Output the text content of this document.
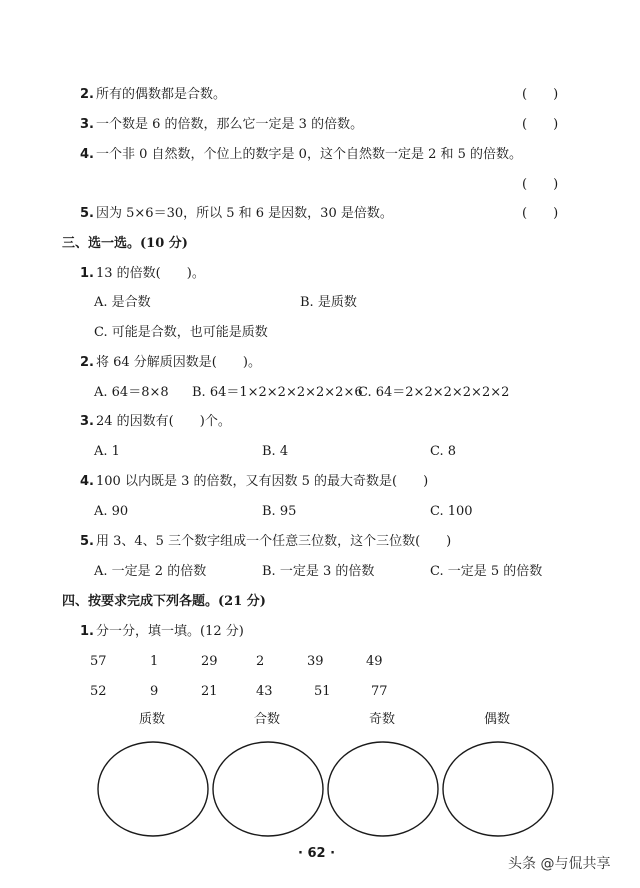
2. 所有的偶数都是合数。	(　　)
3. 一个数是 6 的倍数，那么它一定是 3 的倍数。	(　　)
4. 一个非 0 自然数，个位上的数字是 0，这个自然数一定是 2 和 5 的倍数。
(　　)
5. 因为 5×6＝30，所以 5 和 6 是因数，30 是倍数。	(　　)
三、选一选。(10 分)
1. 13 的倍数(　　)。
A. 是合数	B. 是质数
C. 可能是合数，也可能是质数
2. 将 64 分解质因数是(　　)。
A. 64＝8×8 B. 64＝1×2×2×2×2×2×6
C. 64＝2×2×2×2×2×2
3. 24 的因数有(　　)个。
A. 1	B. 4	C. 8
4. 100 以内既是 3 的倍数，又有因数 5 的最大奇数是(　　)
A. 90	B. 95	C. 100
5. 用 3、4、5 三个数字组成一个任意三位数，这个三位数(　　)
A. 一定是 2 的倍数	B. 一定是 3 的倍数	C. 一定是 5 的倍数
四、按要求完成下列各题。(21 分)
1. 分一分，填一填。(12 分)
57	1	29	2	39	49
52	9	21	43	51	77
质数	合数	奇数	偶数
· 62 ·
头条 @与侃共享
